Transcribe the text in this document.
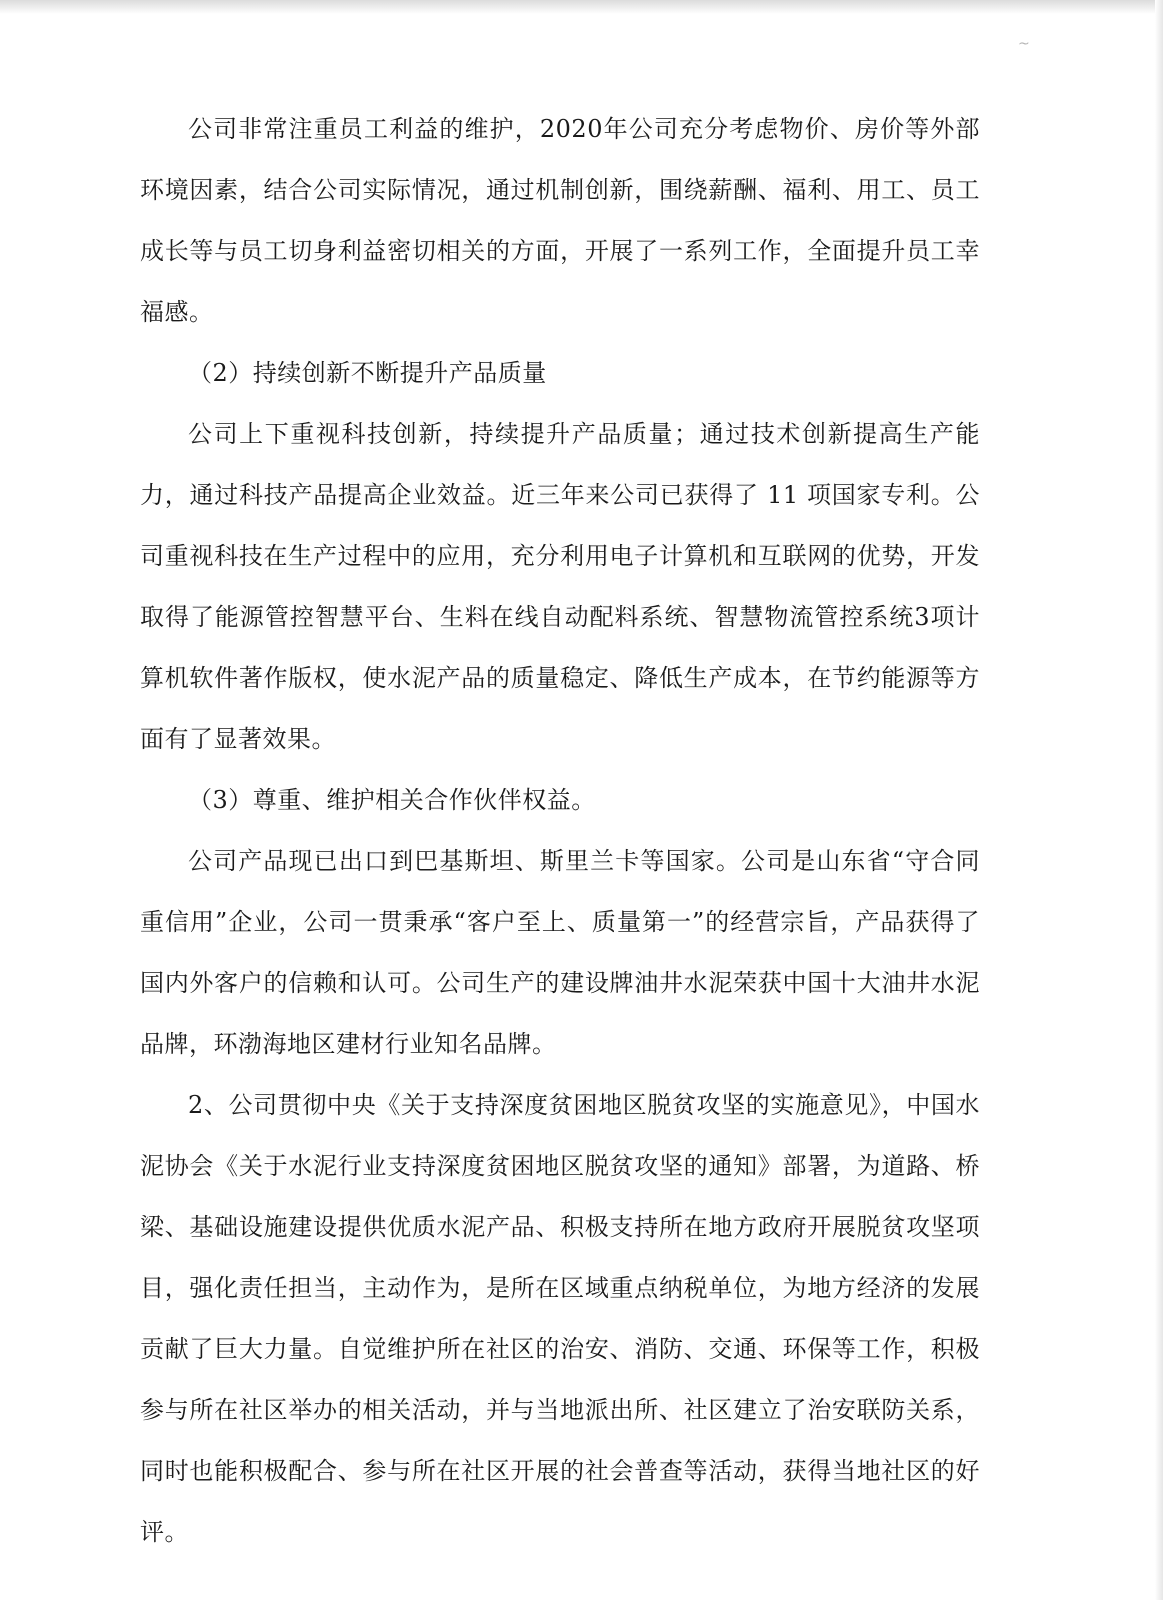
~

公司非常注重员工利益的维护，2020年公司充分考虑物价、房价等外部环境因素，结合公司实际情况，通过机制创新，围绕薪酬、福利、用工、员工成长等与员工切身利益密切相关的方面，开展了一系列工作，全面提升员工幸福感。

（2）持续创新不断提升产品质量

公司上下重视科技创新，持续提升产品质量；通过技术创新提高生产能力，通过科技产品提高企业效益。近三年来公司已获得了 11 项国家专利。公司重视科技在生产过程中的应用，充分利用电子计算机和互联网的优势，开发取得了能源管控智慧平台、生料在线自动配料系统、智慧物流管控系统3项计算机软件著作版权，使水泥产品的质量稳定、降低生产成本，在节约能源等方面有了显著效果。

（3）尊重、维护相关合作伙伴权益。

公司产品现已出口到巴基斯坦、斯里兰卡等国家。公司是山东省“守合同重信用”企业，公司一贯秉承“客户至上、质量第一”的经营宗旨，产品获得了国内外客户的信赖和认可。公司生产的建设牌油井水泥荣获中国十大油井水泥品牌，环渤海地区建材行业知名品牌。

2、公司贯彻中央《关于支持深度贫困地区脱贫攻坚的实施意见》，中国水泥协会《关于水泥行业支持深度贫困地区脱贫攻坚的通知》部署，为道路、桥梁、基础设施建设提供优质水泥产品、积极支持所在地方政府开展脱贫攻坚项目，强化责任担当，主动作为，是所在区域重点纳税单位，为地方经济的发展贡献了巨大力量。自觉维护所在社区的治安、消防、交通、环保等工作，积极参与所在社区举办的相关活动，并与当地派出所、社区建立了治安联防关系，同时也能积极配合、参与所在社区开展的社会普查等活动，获得当地社区的好评。
